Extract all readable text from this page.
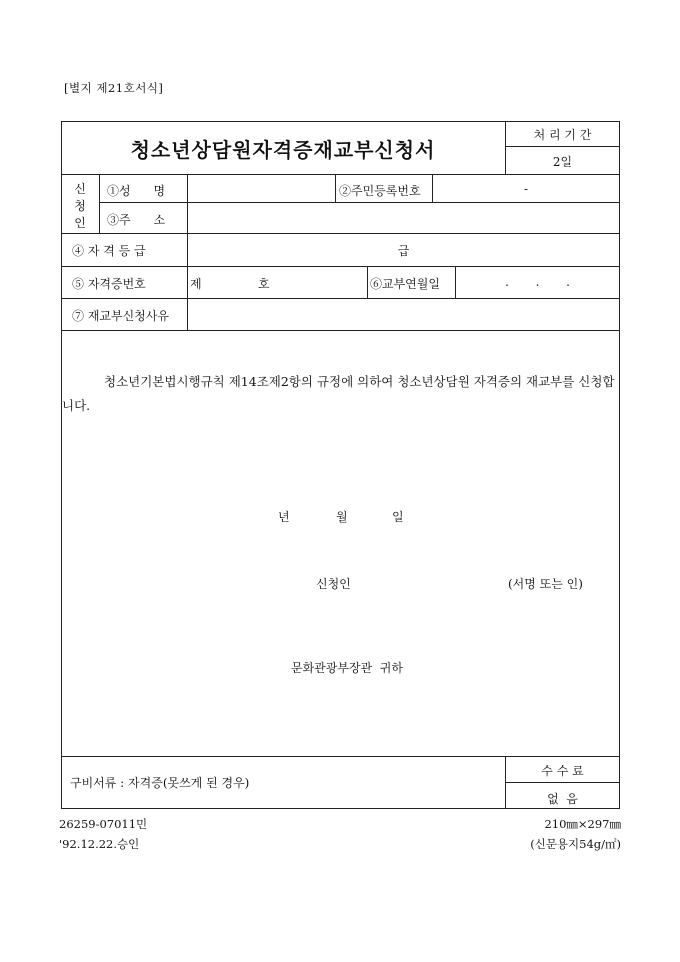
[별지 제21호서식]
청소년상담원자격증재교부신청서
처 리 기 간
2일
신
청
인
①성      명	②주민등록번호	-
③주      소
④ 자 격 등 급	급
⑤ 자격증번호	제	호	⑥교부연월일	.       .       .
⑦ 재교부신청사유
청소년기본법시행규칙 제14조제2항의 규정에 의하여 청소년상담원 자격증의 재교부를 신청합니다.
년	월	일
신청인	(서명 또는 인)
문화관광부장관  귀하
구비서류 : 자격증(못쓰게 된 경우)
수 수 료
없  음
26259-07011민
'92.12.22.승인
210㎜×297㎜
(신문용지54g/㎡)
